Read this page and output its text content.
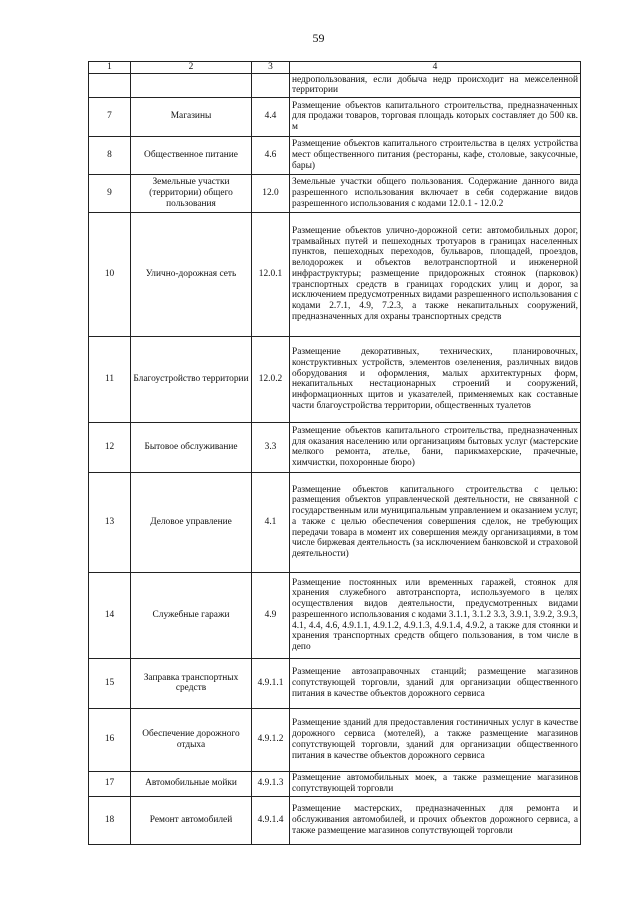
59
1	2	3	4
			недропользования, если добыча недр происходит на межселенной территории
7	Магазины	4.4	Размещение объектов капитального строительства, предназначенных для продажи товаров, торговая площадь которых составляет до 500 кв. м
8	Общественное питание	4.6	Размещение объектов капитального строительства в целях устройства мест общественного питания (рестораны, кафе, столовые, закусочные, бары)
9	Земельные участки (территории) общего пользования	12.0	Земельные участки общего пользования. Содержание данного вида разрешенного использования включает в себя содержание видов разрешенного использования с кодами 12.0.1 - 12.0.2
10	Улично-дорожная сеть	12.0.1	Размещение объектов улично-дорожной сети: автомобильных дорог, трамвайных путей и пешеходных тротуаров в границах населенных пунктов, пешеходных переходов, бульваров, площадей, проездов, велодорожек и объектов велотранспортной и инженерной инфраструктуры; размещение придорожных стоянок (парковок) транспортных средств в границах городских улиц и дорог, за исключением предусмотренных видами разрешенного использования с кодами 2.7.1, 4.9, 7.2.3, а также некапитальных сооружений, предназначенных для охраны транспортных средств
11	Благоустройство территории	12.0.2	Размещение декоративных, технических, планировочных, конструктивных устройств, элементов озеленения, различных видов оборудования и оформления, малых архитектурных форм, некапитальных нестационарных строений и сооружений, информационных щитов и указателей, применяемых как составные части благоустройства территории, общественных туалетов
12	Бытовое обслуживание	3.3	Размещение объектов капитального строительства, предназначенных для оказания населению или организациям бытовых услуг (мастерские мелкого ремонта, ателье, бани, парикмахерские, прачечные, химчистки, похоронные бюро)
13	Деловое управление	4.1	Размещение объектов капитального строительства с целью: размещения объектов управленческой деятельности, не связанной с государственным или муниципальным управлением и оказанием услуг, а также с целью обеспечения совершения сделок, не требующих передачи товара в момент их совершения между организациями, в том числе биржевая деятельность (за исключением банковской и страховой деятельности)
14	Служебные гаражи	4.9	Размещение постоянных или временных гаражей, стоянок для хранения служебного автотранспорта, используемого в целях осуществления видов деятельности, предусмотренных видами разрешенного использования с кодами 3.1.1, 3.1.2 3.3, 3.9.1, 3.9.2, 3.9.3, 4.1, 4.4, 4.6, 4.9.1.1, 4.9.1.2, 4.9.1.3, 4.9.1.4, 4.9.2, а также для стоянки и хранения транспортных средств общего пользования, в том числе в депо
15	Заправка транспортных средств	4.9.1.1	Размещение автозаправочных станций; размещение магазинов сопутствующей торговли, зданий для организации общественного питания в качестве объектов дорожного сервиса
16	Обеспечение дорожного отдыха	4.9.1.2	Размещение зданий для предоставления гостиничных услуг в качестве дорожного сервиса (мотелей), а также размещение магазинов сопутствующей торговли, зданий для организации общественного питания в качестве объектов дорожного сервиса
17	Автомобильные мойки	4.9.1.3	Размещение автомобильных моек, а также размещение магазинов сопутствующей торговли
18	Ремонт автомобилей	4.9.1.4	Размещение мастерских, предназначенных для ремонта и обслуживания автомобилей, и прочих объектов дорожного сервиса, а также размещение магазинов сопутствующей торговли
